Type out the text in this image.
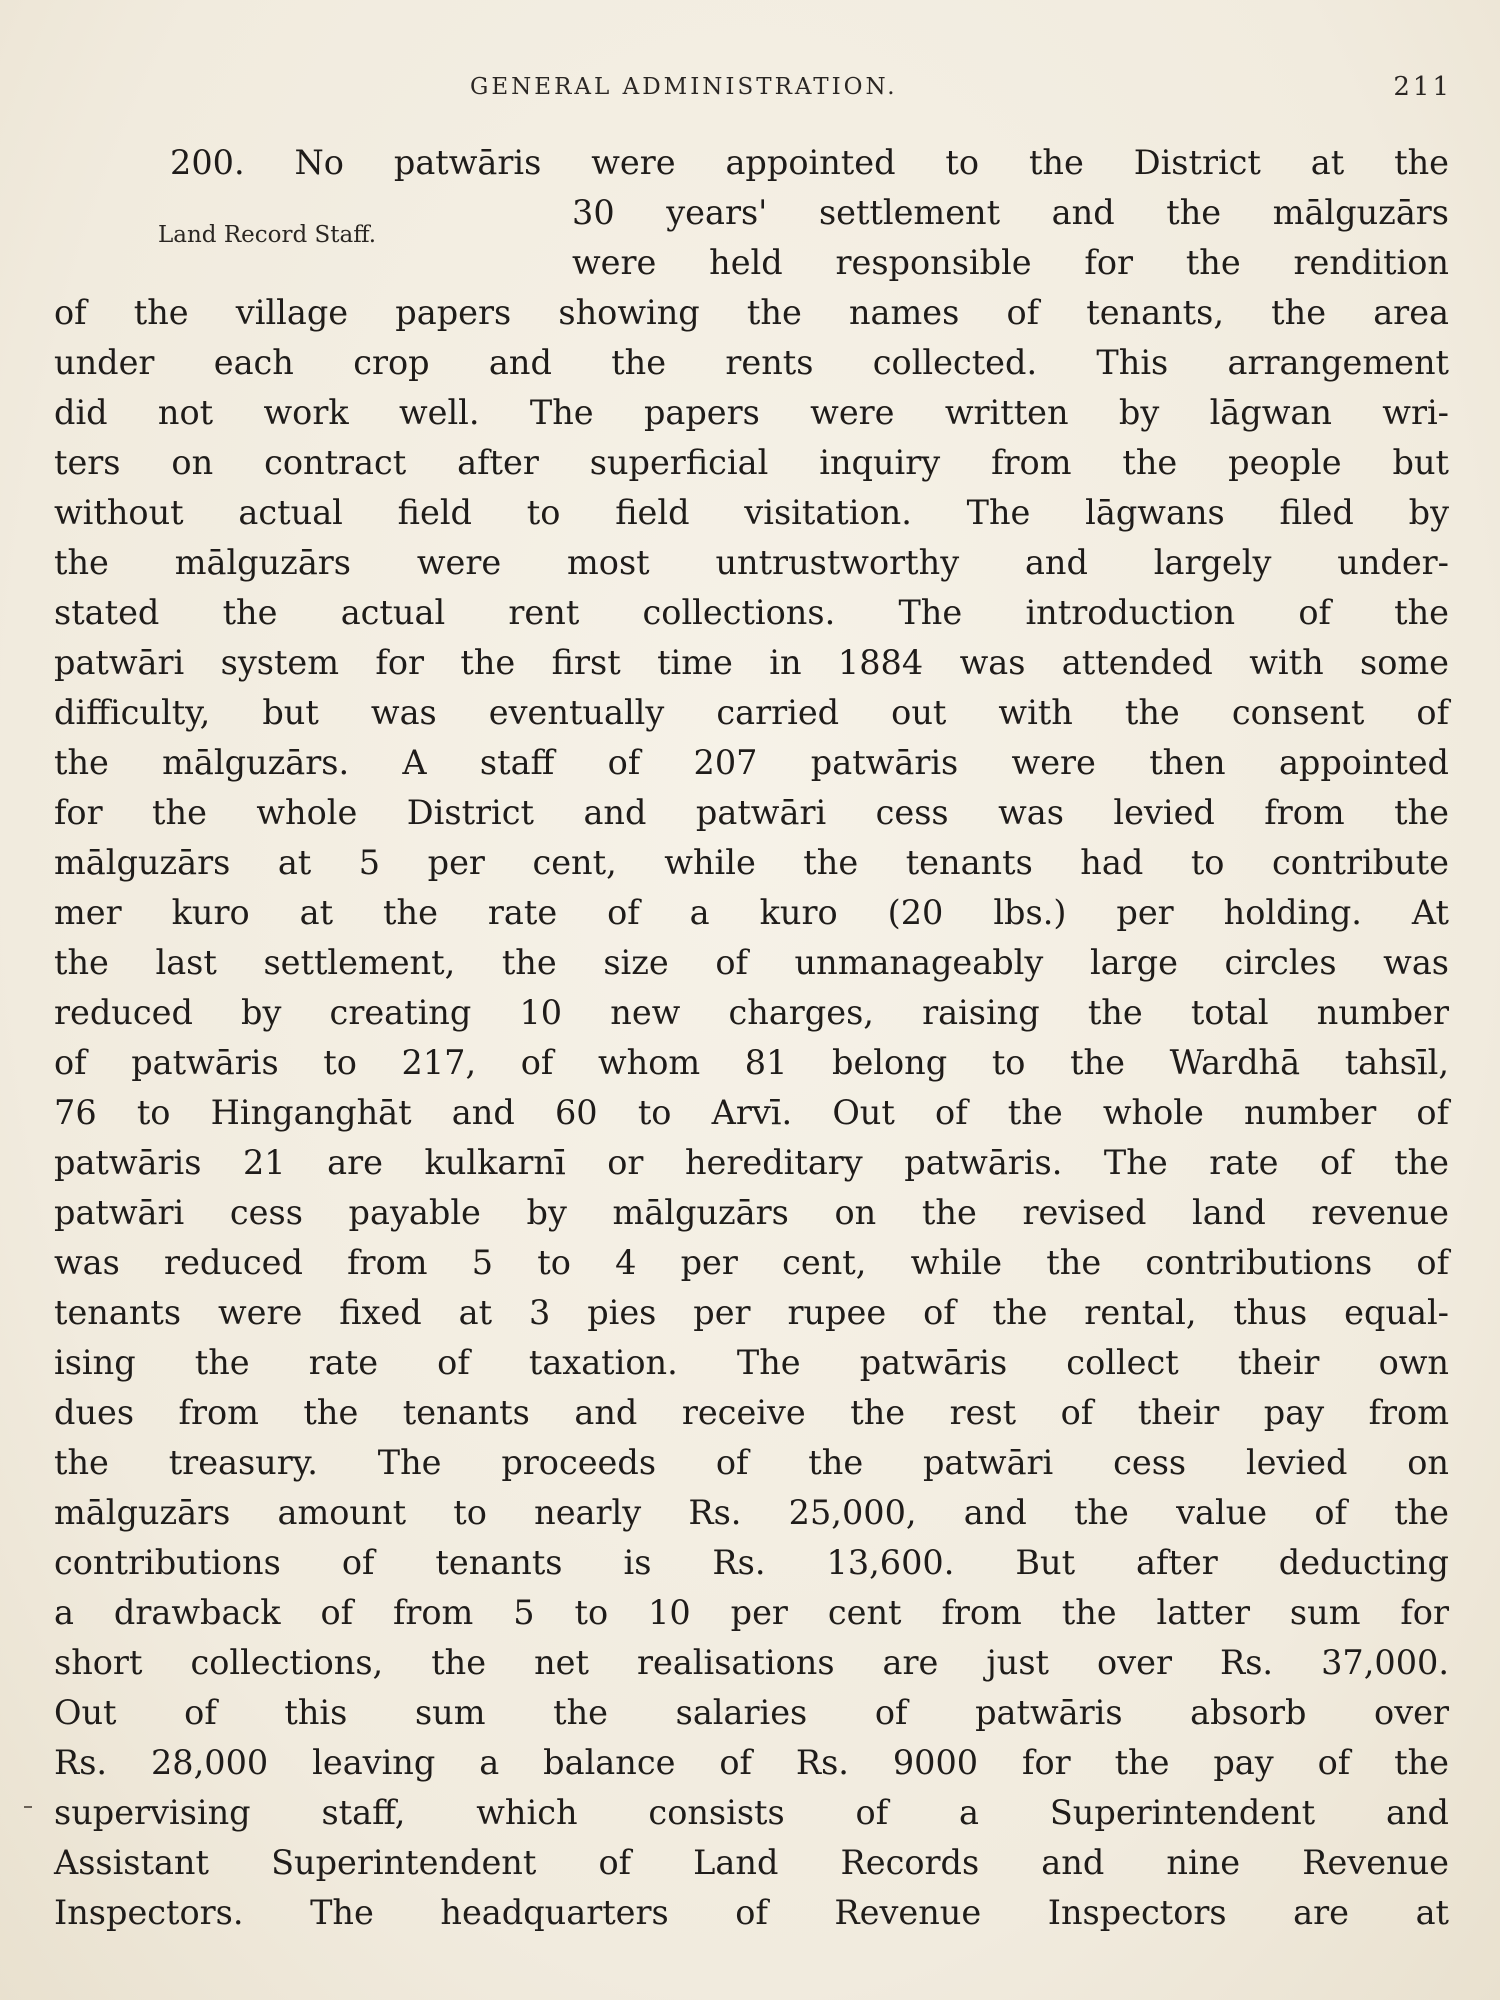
GENERAL ADMINISTRATION.	211
Land Record Staff.
200. No patwāris were appointed to the District at the
30 years' settlement and the mālguzārs
were held responsible for the rendition
of the village papers showing the names of tenants, the area
under each crop and the rents collected. This arrangement
did not work well. The papers were written by lāgwan wri-
ters on contract after superficial inquiry from the people but
without actual field to field visitation. The lāgwans filed by
the mālguzārs were most untrustworthy and largely under-
stated the actual rent collections. The introduction of the
patwāri system for the first time in 1884 was attended with some
difficulty, but was eventually carried out with the consent of
the mālguzārs. A staff of 207 patwāris were then appointed
for the whole District and patwāri cess was levied from the
mālguzārs at 5 per cent, while the tenants had to contribute
mer kuro at the rate of a kuro (20 lbs.) per holding. At
the last settlement, the size of unmanageably large circles was
reduced by creating 10 new charges, raising the total number
of patwāris to 217, of whom 81 belong to the Wardhā tahsīl,
76 to Hinganghāt and 60 to Arvī. Out of the whole number of
patwāris 21 are kulkarnī or hereditary patwāris. The rate of the
patwāri cess payable by mālguzārs on the revised land revenue
was reduced from 5 to 4 per cent, while the contributions of
tenants were fixed at 3 pies per rupee of the rental, thus equal-
ising the rate of taxation. The patwāris collect their own
dues from the tenants and receive the rest of their pay from
the treasury. The proceeds of the patwāri cess levied on
mālguzārs amount to nearly Rs. 25,000, and the value of the
contributions of tenants is Rs. 13,600. But after deducting
a drawback of from 5 to 10 per cent from the latter sum for
short collections, the net realisations are just over Rs. 37,000.
Out of this sum the salaries of patwāris absorb over
Rs. 28,000 leaving a balance of Rs. 9000 for the pay of the
supervising staff, which consists of a Superintendent and
Assistant Superintendent of Land Records and nine Revenue
Inspectors. The headquarters of Revenue Inspectors are at
